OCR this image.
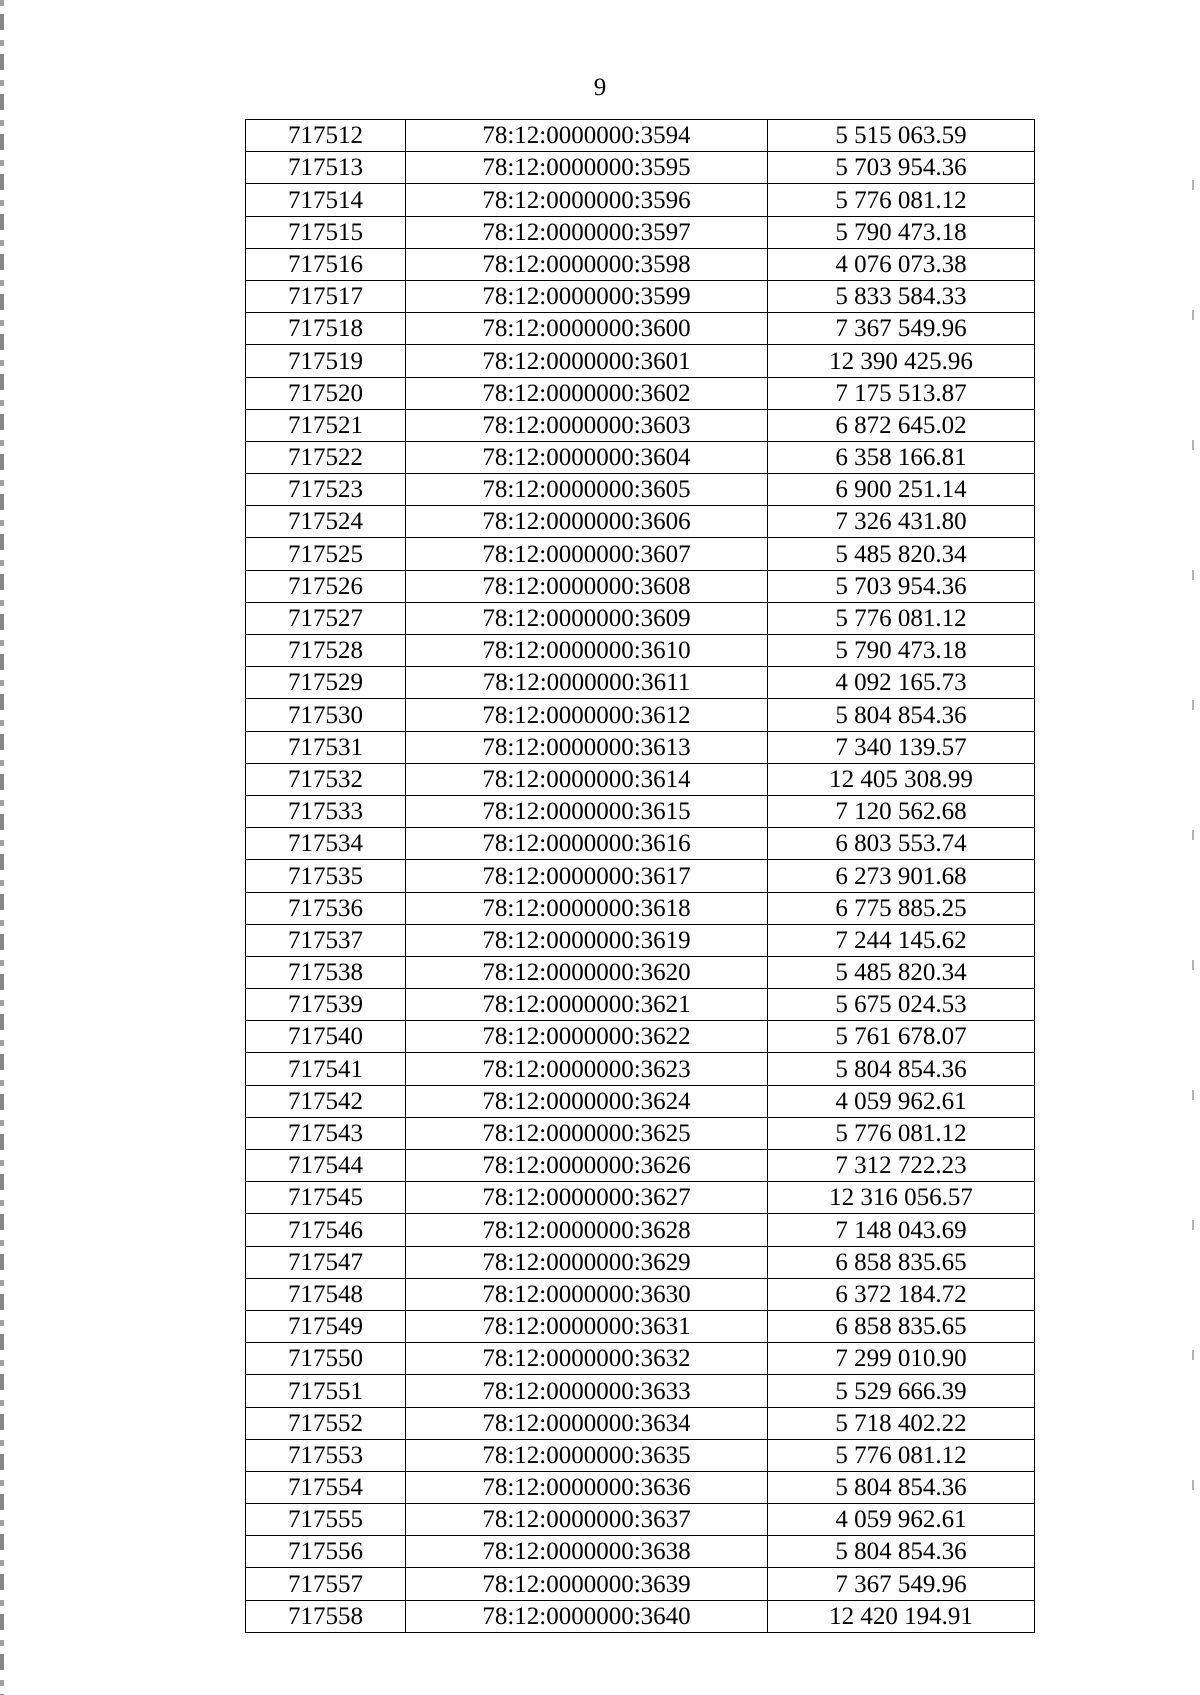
9
717512	78:12:0000000:3594	5 515 063.59
717513	78:12:0000000:3595	5 703 954.36
717514	78:12:0000000:3596	5 776 081.12
717515	78:12:0000000:3597	5 790 473.18
717516	78:12:0000000:3598	4 076 073.38
717517	78:12:0000000:3599	5 833 584.33
717518	78:12:0000000:3600	7 367 549.96
717519	78:12:0000000:3601	12 390 425.96
717520	78:12:0000000:3602	7 175 513.87
717521	78:12:0000000:3603	6 872 645.02
717522	78:12:0000000:3604	6 358 166.81
717523	78:12:0000000:3605	6 900 251.14
717524	78:12:0000000:3606	7 326 431.80
717525	78:12:0000000:3607	5 485 820.34
717526	78:12:0000000:3608	5 703 954.36
717527	78:12:0000000:3609	5 776 081.12
717528	78:12:0000000:3610	5 790 473.18
717529	78:12:0000000:3611	4 092 165.73
717530	78:12:0000000:3612	5 804 854.36
717531	78:12:0000000:3613	7 340 139.57
717532	78:12:0000000:3614	12 405 308.99
717533	78:12:0000000:3615	7 120 562.68
717534	78:12:0000000:3616	6 803 553.74
717535	78:12:0000000:3617	6 273 901.68
717536	78:12:0000000:3618	6 775 885.25
717537	78:12:0000000:3619	7 244 145.62
717538	78:12:0000000:3620	5 485 820.34
717539	78:12:0000000:3621	5 675 024.53
717540	78:12:0000000:3622	5 761 678.07
717541	78:12:0000000:3623	5 804 854.36
717542	78:12:0000000:3624	4 059 962.61
717543	78:12:0000000:3625	5 776 081.12
717544	78:12:0000000:3626	7 312 722.23
717545	78:12:0000000:3627	12 316 056.57
717546	78:12:0000000:3628	7 148 043.69
717547	78:12:0000000:3629	6 858 835.65
717548	78:12:0000000:3630	6 372 184.72
717549	78:12:0000000:3631	6 858 835.65
717550	78:12:0000000:3632	7 299 010.90
717551	78:12:0000000:3633	5 529 666.39
717552	78:12:0000000:3634	5 718 402.22
717553	78:12:0000000:3635	5 776 081.12
717554	78:12:0000000:3636	5 804 854.36
717555	78:12:0000000:3637	4 059 962.61
717556	78:12:0000000:3638	5 804 854.36
717557	78:12:0000000:3639	7 367 549.96
717558	78:12:0000000:3640	12 420 194.91
